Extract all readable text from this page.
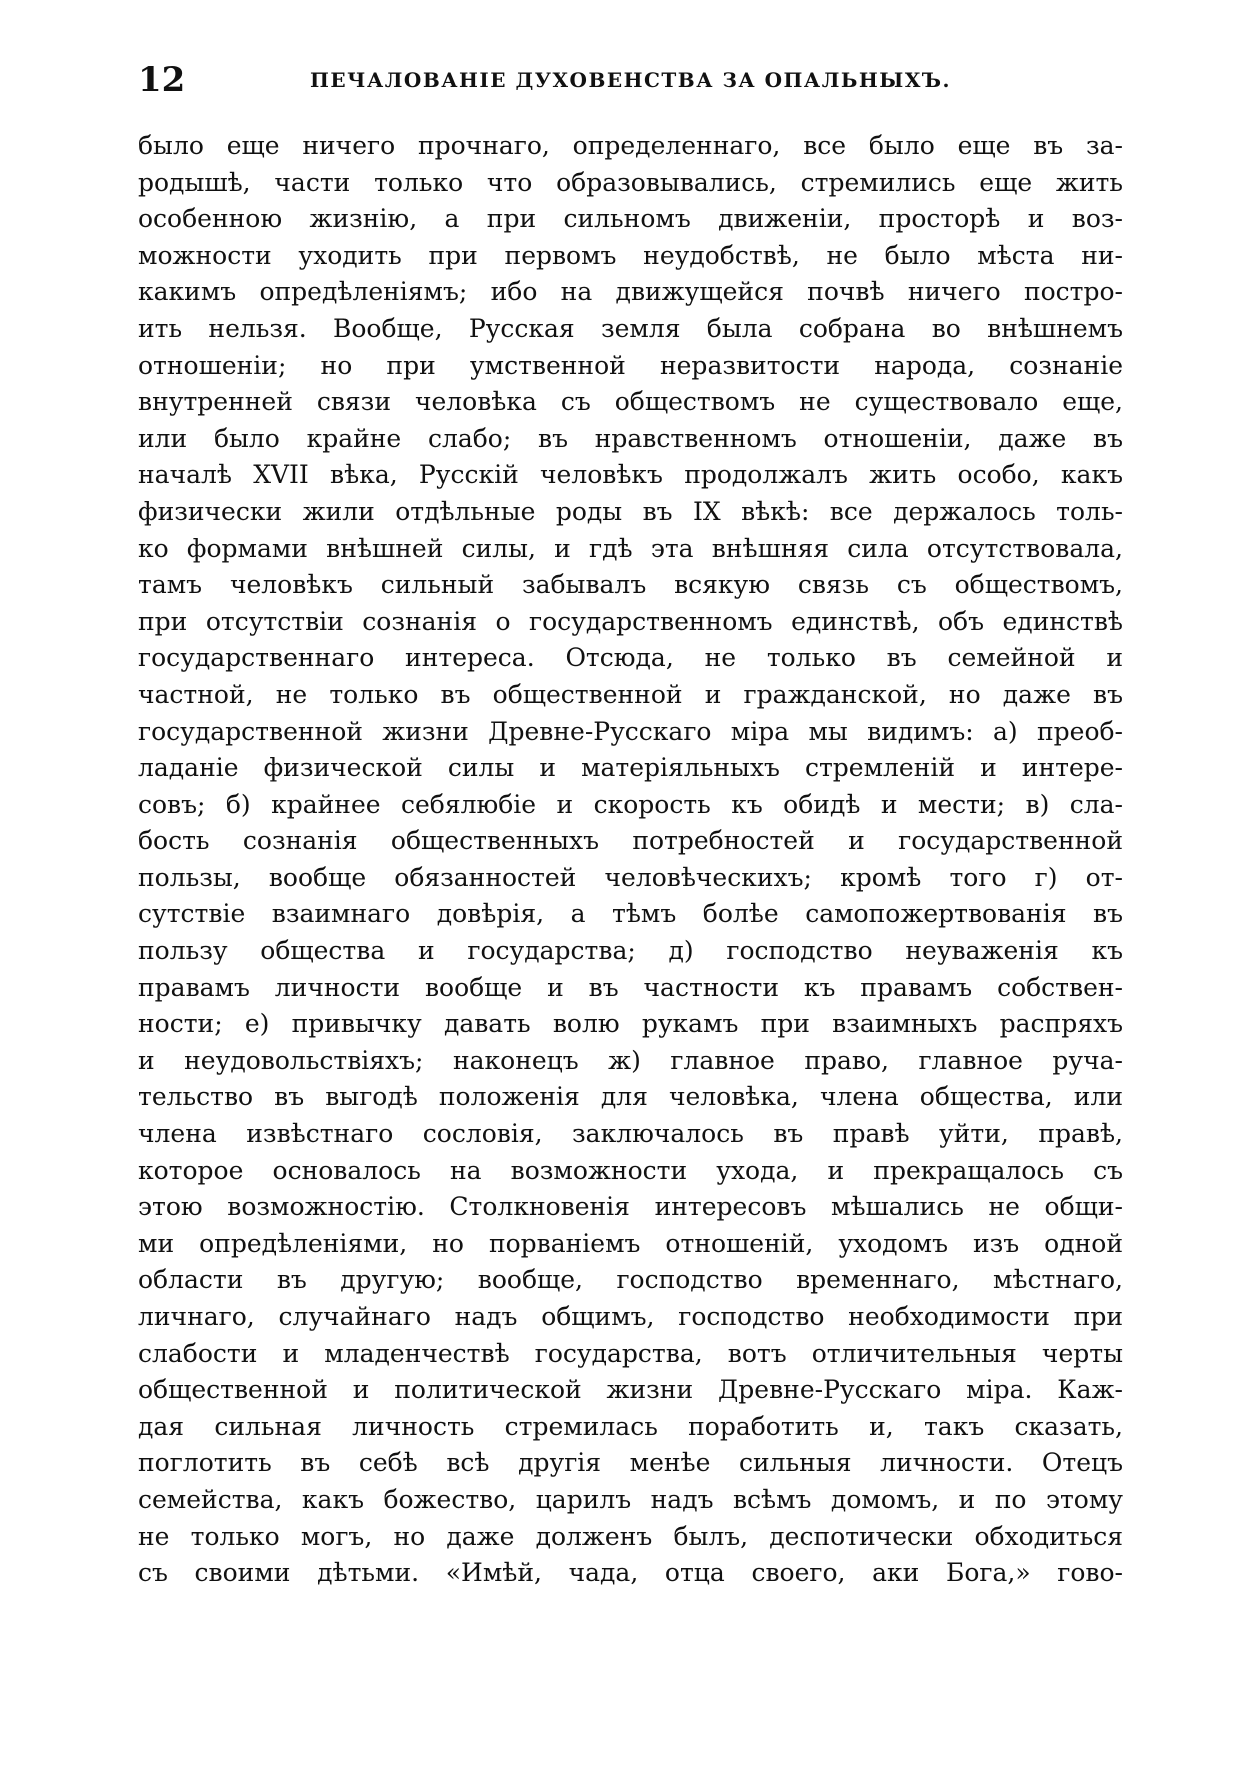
12	ПЕЧАЛОВАНІЕ ДУХОВЕНСТВА ЗА ОПАЛЬНЫХЪ.
было еще ничего прочнаго, определеннаго, все было еще въ за-
родышѣ, части только что образовывались, стремились еще жить
особенною жизнію, а при сильномъ движеніи, просторѣ и воз-
можности уходить при первомъ неудобствѣ, не было мѣста ни-
какимъ опредѣленіямъ; ибо на движущейся почвѣ ничего постро-
ить нельзя. Вообще, Русская земля была собрана во внѣшнемъ
отношеніи; но при умственной неразвитости народа, сознаніе
внутренней связи человѣка съ обществомъ не существовало еще,
или было крайне слабо; въ нравственномъ отношеніи, даже въ
началѣ XVII вѣка, Русскій человѣкъ продолжалъ жить особо, какъ
физически жили отдѣльные роды въ IX вѣкѣ: все держалось толь-
ко формами внѣшней силы, и гдѣ эта внѣшняя сила отсутствовала,
тамъ человѣкъ сильный забывалъ всякую связь съ обществомъ,
при отсутствіи сознанія о государственномъ единствѣ, объ единствѣ
государственнаго интереса. Отсюда, не только въ семейной и
частной, не только въ общественной и гражданской, но даже въ
государственной жизни Древне-Русскаго міра мы видимъ: а) преоб-
ладаніе физической силы и матеріяльныхъ стремленій и интере-
совъ; б) крайнее себялюбіе и скорость къ обидѣ и мести; в) сла-
бость сознанія общественныхъ потребностей и государственной
пользы, вообще обязанностей человѣческихъ; кромѣ того г) от-
сутствіе взаимнаго довѣрія, а тѣмъ болѣе самопожертвованія въ
пользу общества и государства; д) господство неуваженія къ
правамъ личности вообще и въ частности къ правамъ собствен-
ности; е) привычку давать волю рукамъ при взаимныхъ распряхъ
и неудовольствіяхъ; наконецъ ж) главное право, главное руча-
тельство въ выгодѣ положенія для человѣка, члена общества, или
члена извѣстнаго сословія, заключалось въ правѣ уйти, правѣ,
которое основалось на возможности ухода, и прекращалось съ
этою возможностію. Столкновенія интересовъ мѣшались не общи-
ми опредѣленіями, но порваніемъ отношеній, уходомъ изъ одной
области въ другую; вообще, господство временнаго, мѣстнаго,
личнаго, случайнаго надъ общимъ, господство необходимости при
слабости и младенчествѣ государства, вотъ отличительныя черты
общественной и политической жизни Древне-Русскаго міра. Каж-
дая сильная личность стремилась поработить и, такъ сказать,
поглотить въ себѣ всѣ другія менѣе сильныя личности. Отецъ
семейства, какъ божество, царилъ надъ всѣмъ домомъ, и по этому
не только могъ, но даже долженъ былъ, деспотически обходиться
съ своими дѣтьми. «Имѣй, чада, отца своего, аки Бога,» гово-
